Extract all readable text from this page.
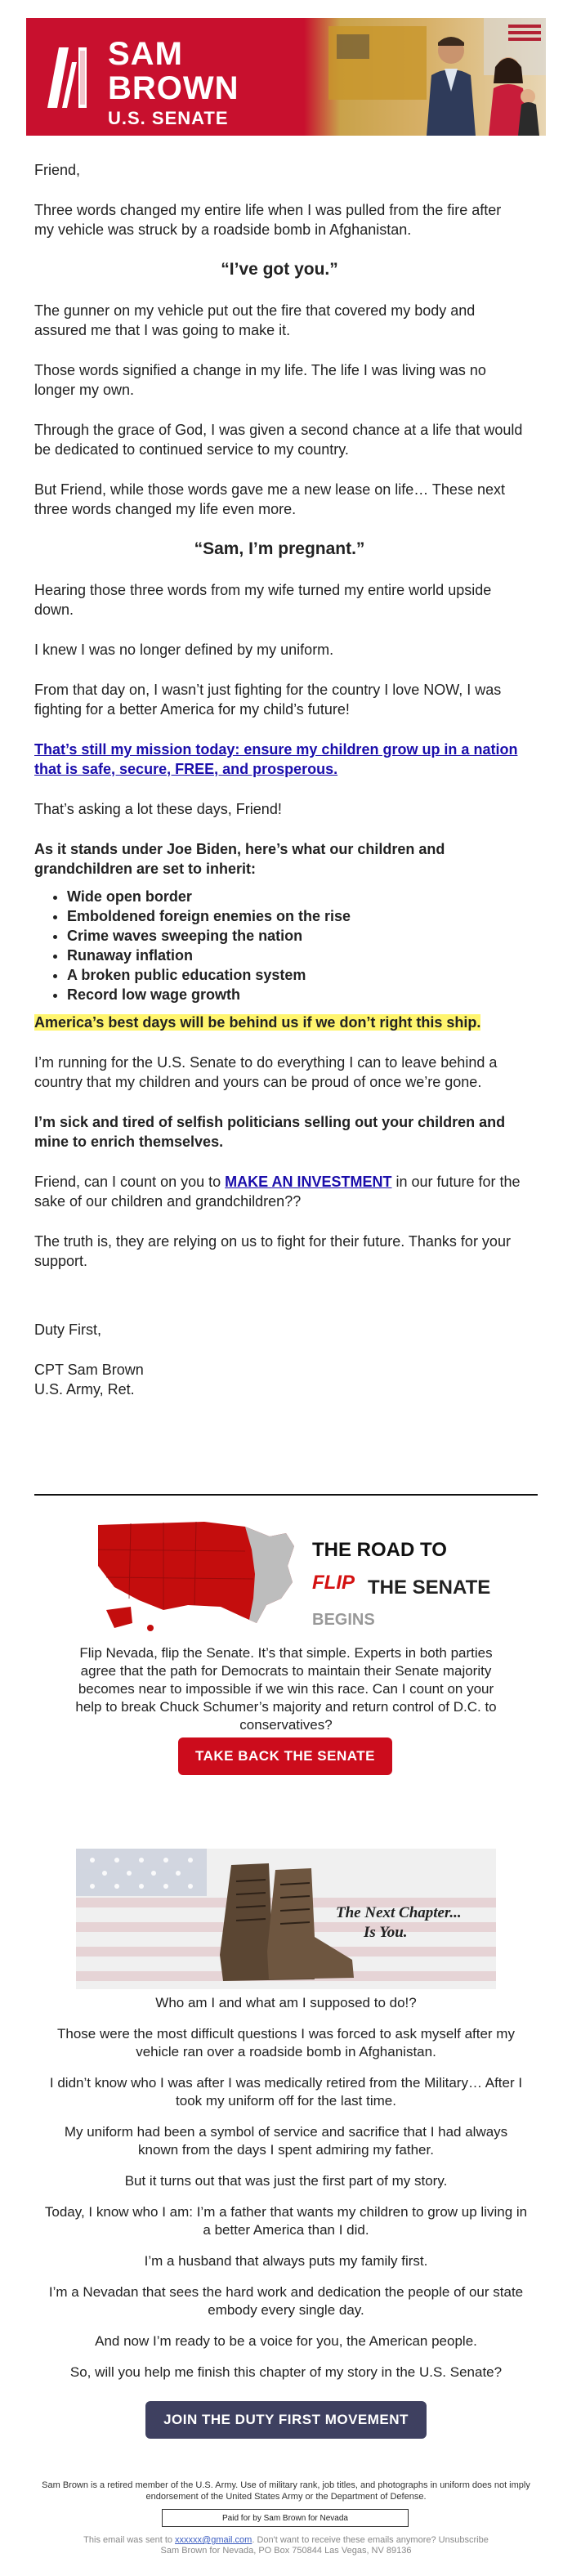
SAM
BROWN
U.S. SENATE

Friend,

Three words changed my entire life when I was pulled from the fire after my vehicle was struck by a roadside bomb in Afghanistan.

“I’ve got you.”

The gunner on my vehicle put out the fire that covered my body and assured me that I was going to make it.

Those words signified a change in my life. The life I was living was no longer my own.

Through the grace of God, I was given a second chance at a life that would be dedicated to continued service to my country.

But Friend, while those words gave me a new lease on life… These next three words changed my life even more.

“Sam, I’m pregnant.”

Hearing those three words from my wife turned my entire world upside down.

I knew I was no longer defined by my uniform.

From that day on, I wasn’t just fighting for the country I love NOW, I was fighting for a better America for my child’s future!

That’s still my mission today: ensure my children grow up in a nation that is safe, secure, FREE, and prosperous.

That’s asking a lot these days, Friend!

As it stands under Joe Biden, here’s what our children and grandchildren are set to inherit:

• Wide open border
• Emboldened foreign enemies on the rise
• Crime waves sweeping the nation
• Runaway inflation
• A broken public education system
• Record low wage growth

America’s best days will be behind us if we don’t right this ship.

I’m running for the U.S. Senate to do everything I can to leave behind a country that my children and yours can be proud of once we’re gone.

I’m sick and tired of selfish politicians selling out your children and mine to enrich themselves.

Friend, can I count on you to MAKE AN INVESTMENT in our future for the sake of our children and grandchildren??

The truth is, they are relying on us to fight for their future. Thanks for your support.

Duty First,

CPT Sam Brown
U.S. Army, Ret.
THE ROAD TO
FLIP THE SENATE
BEGINS
Flip Nevada, flip the Senate. It’s that simple. Experts in both parties agree that the path for Democrats to maintain their Senate majority becomes near to impossible if we win this race. Can I count on your help to break Chuck Schumer’s majority and return control of D.C. to conservatives?
TAKE BACK THE SENATE
The Next Chapter...
Is You.

Who am I and what am I supposed to do!?

Those were the most difficult questions I was forced to ask myself after my vehicle ran over a roadside bomb in Afghanistan.

I didn’t know who I was after I was medically retired from the Military… After I took my uniform off for the last time.

My uniform had been a symbol of service and sacrifice that I had always known from the days I spent admiring my father.

But it turns out that was just the first part of my story.

Today, I know who I am: I’m a father that wants my children to grow up living in a better America than I did.

I’m a husband that always puts my family first.

I’m a Nevadan that sees the hard work and dedication the people of our state embody every single day.

And now I’m ready to be a voice for you, the American people.

So, will you help me finish this chapter of my story in the U.S. Senate?

JOIN THE DUTY FIRST MOVEMENT
Sam Brown is a retired member of the U.S. Army. Use of military rank, job titles, and photographs in uniform does not imply endorsement of the United States Army or the Department of Defense.
Paid for by Sam Brown for Nevada
This email was sent to xxxxxx@gmail.com. Don't want to receive these emails anymore? Unsubscribe
Sam Brown for Nevada, PO Box 750844 Las Vegas, NV 89136
